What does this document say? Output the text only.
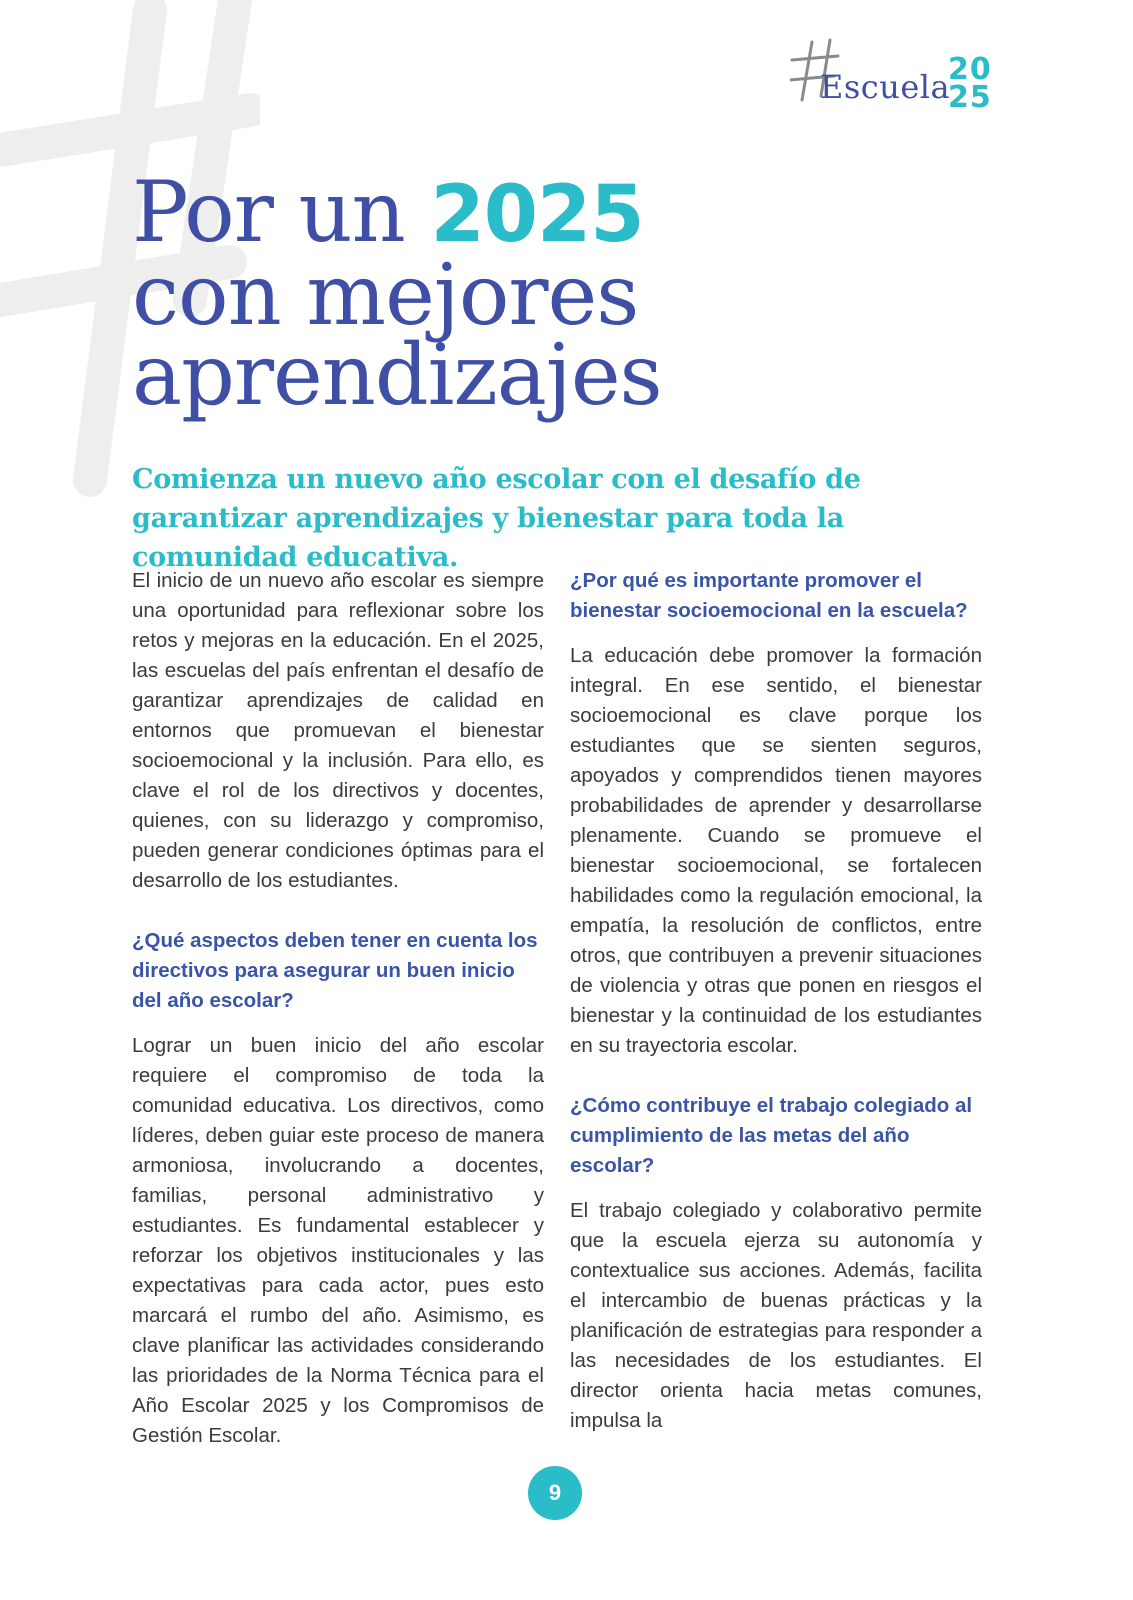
Escuela
20
25
Por un 2025
con mejores
aprendizajes

Comienza un nuevo año escolar con el desafío de garantizar aprendizajes y bienestar para toda la comunidad educativa.

El inicio de un nuevo año escolar es siempre una oportunidad para reflexionar sobre los retos y mejoras en la educación. En el 2025, las escuelas del país enfrentan el desafío de garantizar aprendizajes de calidad en entornos que promuevan el bienestar socioemocional y la inclusión. Para ello, es clave el rol de los directivos y docentes, quienes, con su liderazgo y compromiso, pueden generar condiciones óptimas para el desarrollo de los estudiantes.

¿Qué aspectos deben tener en cuenta los directivos para asegurar un buen inicio del año escolar?

Lograr un buen inicio del año escolar requiere el compromiso de toda la comunidad educativa. Los directivos, como líderes, deben guiar este proceso de manera armoniosa, involucrando a docentes, familias, personal administrativo y estudiantes. Es fundamental establecer y reforzar los objetivos institucionales y las expectativas para cada actor, pues esto marcará el rumbo del año. Asimismo, es clave planificar las actividades considerando las prioridades de la Norma Técnica para el Año Escolar 2025 y los Compromisos de Gestión Escolar.

¿Por qué es importante promover el bienestar socioemocional en la escuela?

La educación debe promover la formación integral. En ese sentido, el bienestar socioemocional es clave porque los estudiantes que se sienten seguros, apoyados y comprendidos tienen mayores probabilidades de aprender y desarrollarse plenamente. Cuando se promueve el bienestar socioemocional, se fortalecen habilidades como la regulación emocional, la empatía, la resolución de conflictos, entre otros, que contribuyen a prevenir situaciones de violencia y otras que ponen en riesgos el bienestar y la continuidad de los estudiantes en su trayectoria escolar.

¿Cómo contribuye el trabajo colegiado al cumplimiento de las metas del año escolar?

El trabajo colegiado y colaborativo permite que la escuela ejerza su autonomía y contextualice sus acciones. Además, facilita el intercambio de buenas prácticas y la planificación de estrategias para responder a las necesidades de los estudiantes. El director orienta hacia metas comunes, impulsa la

9
